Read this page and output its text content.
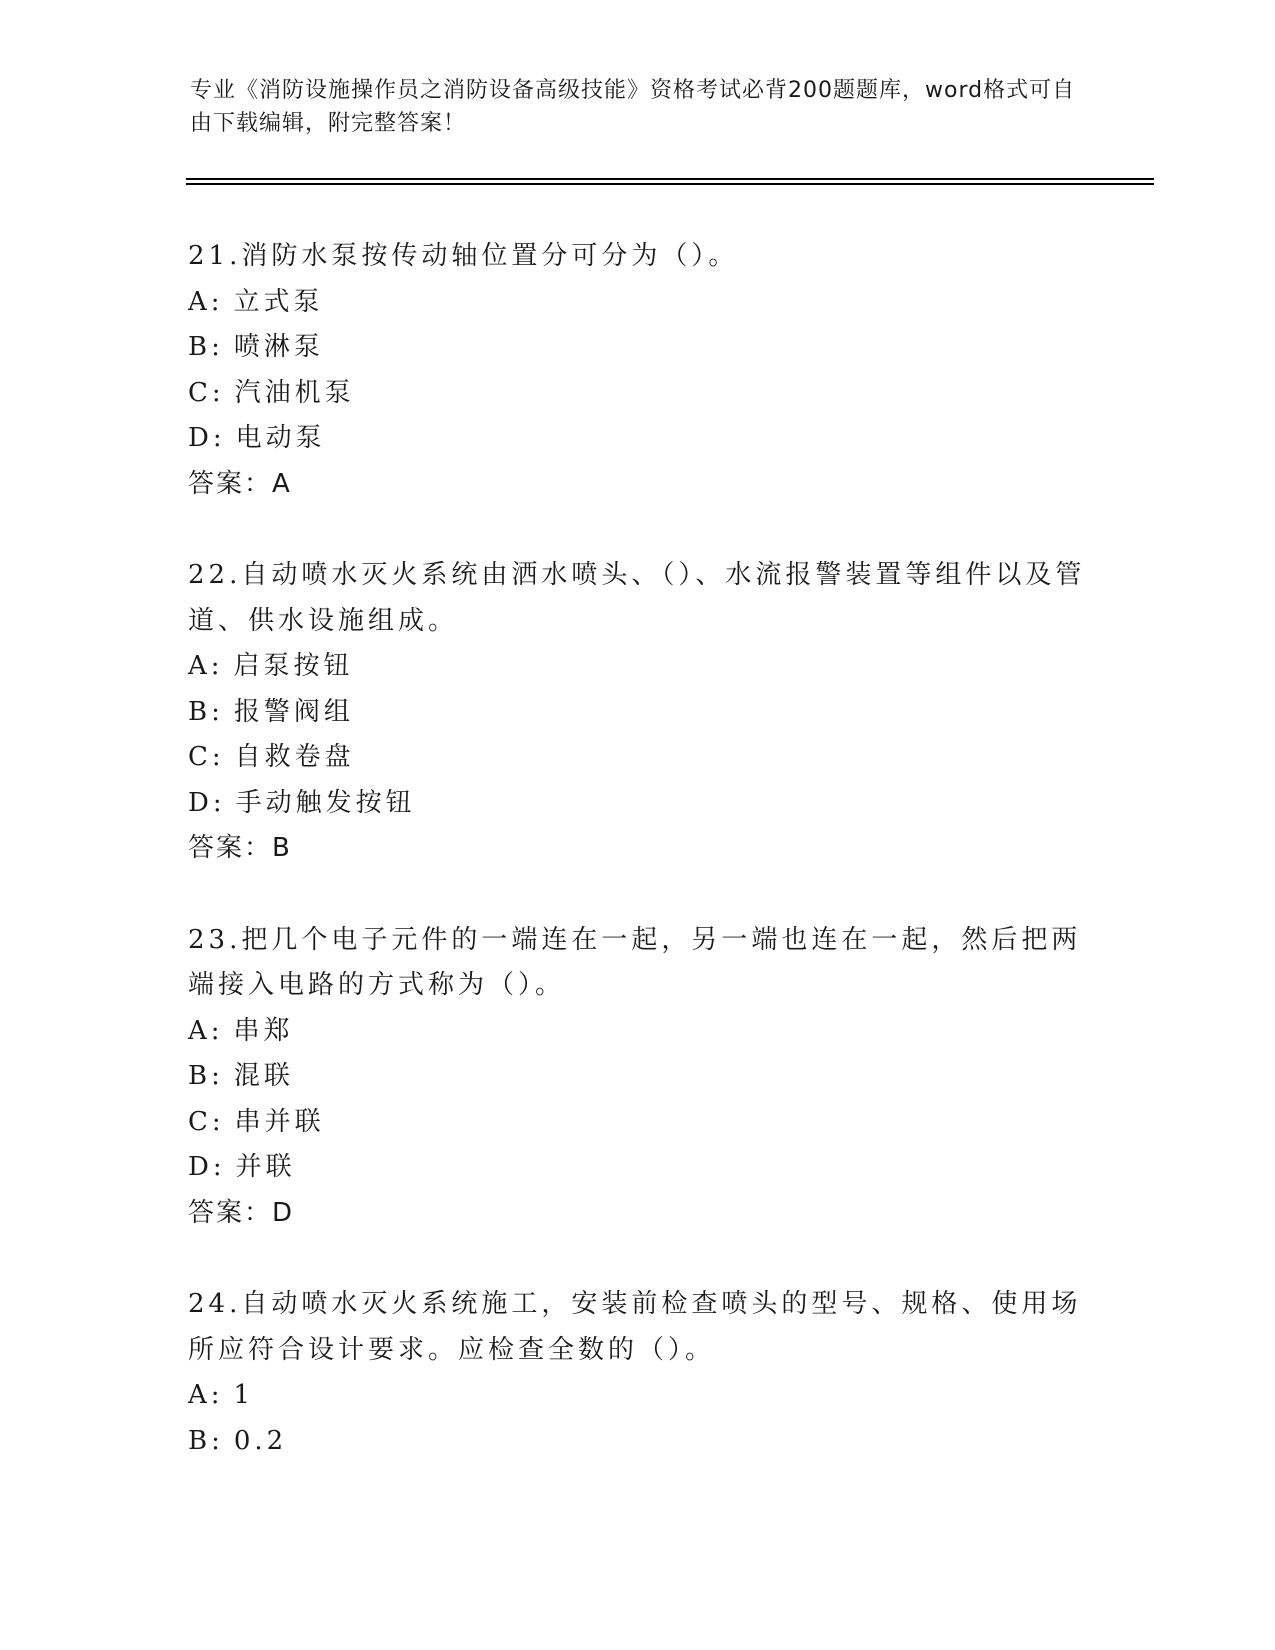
专业《消防设施操作员之消防设备高级技能》资格考试必背200题题库，word格式可自由下载编辑，附完整答案！
21.消防水泵按传动轴位置分可分为（）。
A: 立式泵
B: 喷淋泵
C: 汽油机泵
D: 电动泵
答案：A
22.自动喷水灭火系统由洒水喷头、（）、水流报警装置等组件以及管道、供水设施组成。
A: 启泵按钮
B: 报警阀组
C: 自救卷盘
D: 手动触发按钮
答案：B
23.把几个电子元件的一端连在一起，另一端也连在一起，然后把两端接入电路的方式称为（）。
A: 串郑
B: 混联
C: 串并联
D: 并联
答案：D
24.自动喷水灭火系统施工，安装前检查喷头的型号、规格、使用场所应符合设计要求。应检查全数的（）。
A: 1
B: 0.2
